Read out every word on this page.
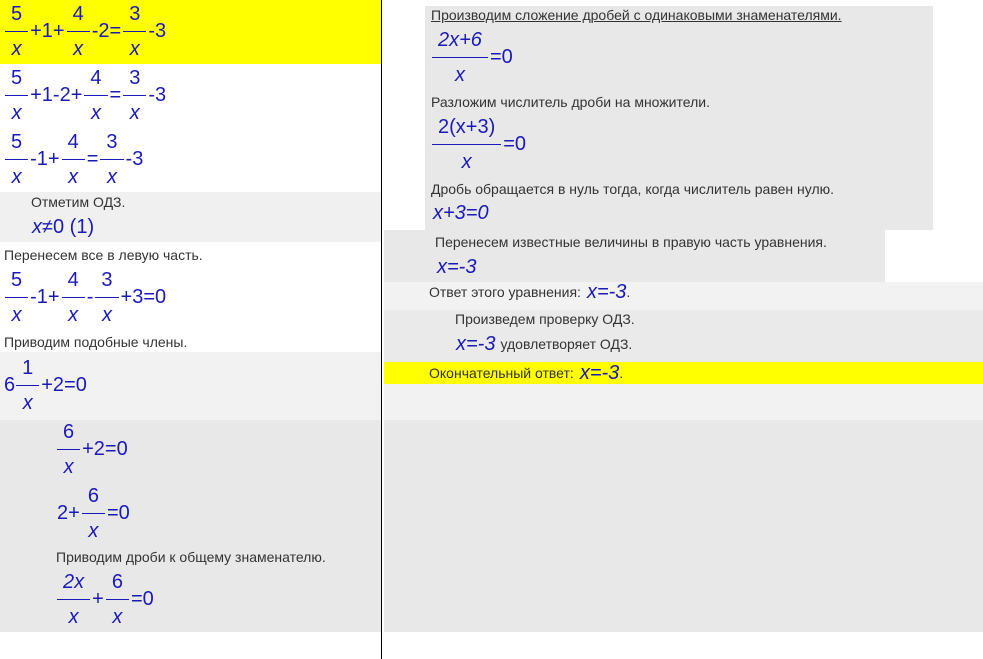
$\frac{5}{x} +1+ \frac{4}{x} -2= \frac{3}{x} -3$
$\frac{5}{x} +1-2+ \frac{4}{x} = \frac{3}{x} -3$
$\frac{5}{x} -1+ \frac{4}{x} = \frac{3}{x} -3$
Отметим ОДЗ.
x ≠0 (1)
Перенесем все в левую часть.
$\frac{5}{x} -1+ \frac{4}{x} - \frac{3}{x} +3=0$
Приводим подобные члены.
$6 \frac{1}{x} +2=0$
$\frac{6}{x} +2=0$
$2+ \frac{6}{x} =0$
Приводим дроби к общему знаменателю.
$\frac{2x}{x} + \frac{6}{x} =0$
Производим сложение дробей с одинаковыми знаменателями.
$\frac{2x+6}{x} =0$
Разложим числитель дроби на множители.
$\frac{2(x+3)}{x} =0$
Дробь обращается в нуль тогда, когда числитель равен нулю.
x+3=0
Перенесем известные величины в правую часть уравнения.
x=-3
Ответ этого уравнения: x=-3 .
Произведем проверку ОДЗ.
x=-3 удовлетворяет ОДЗ.
Окончательный ответ: x=-3 .
